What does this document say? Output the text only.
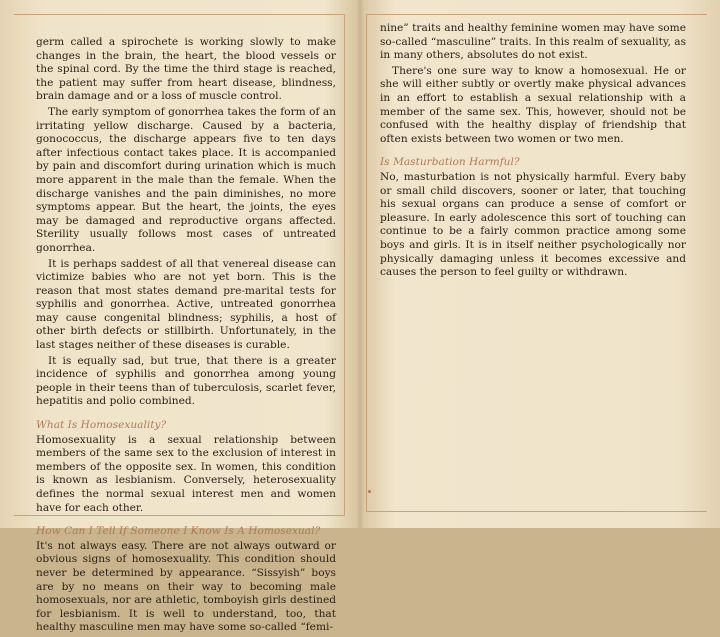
germ called a spirochete is working slowly to make changes in the brain, the heart, the blood vessels or the spinal cord. By the time the third stage is reached, the patient may suffer from heart disease, blindness, brain damage and or a loss of muscle control.

The early symptom of gonorrhea takes the form of an irritating yellow discharge. Caused by a bacteria, gonococcus, the discharge appears five to ten days after infectious contact takes place. It is accompanied by pain and discomfort during urination which is much more apparent in the male than the female. When the discharge vanishes and the pain diminishes, no more symptoms appear. But the heart, the joints, the eyes may be damaged and reproductive organs affected. Sterility usually follows most cases of untreated gonorrhea.

It is perhaps saddest of all that venereal disease can victimize babies who are not yet born. This is the reason that most states demand pre-marital tests for syphilis and gonorrhea. Active, untreated gonorrhea may cause congenital blindness; syphilis, a host of other birth defects or stillbirth. Unfortunately, in the last stages neither of these diseases is curable.

It is equally sad, but true, that there is a greater incidence of syphilis and gonorrhea among young people in their teens than of tuberculosis, scarlet fever, hepatitis and polio combined.

What Is Homosexuality?

Homosexuality is a sexual relationship between members of the same sex to the exclusion of interest in members of the opposite sex. In women, this condition is known as lesbianism. Conversely, heterosexuality defines the normal sexual interest men and women have for each other.

How Can I Tell If Someone I Know Is A Homosexual?

It's not always easy. There are not always outward or obvious signs of homosexuality. This condition should never be determined by appearance. “Sissyish” boys are by no means on their way to becoming male homosexuals, nor are athletic, tomboyish girls destined for lesbianism. It is well to understand, too, that healthy masculine men may have some so-called “femi-

nine” traits and healthy feminine women may have some so-called “masculine” traits. In this realm of sexuality, as in many others, absolutes do not exist.

There's one sure way to know a homosexual. He or she will either subtly or overtly make physical advances in an effort to establish a sexual relationship with a member of the same sex. This, however, should not be confused with the healthy display of friendship that often exists between two women or two men.

Is Masturbation Harmful?

No, masturbation is not physically harmful. Every baby or small child discovers, sooner or later, that touching his sexual organs can produce a sense of comfort or pleasure. In early adolescence this sort of touching can continue to be a fairly common practice among some boys and girls. It is in itself neither psychologically nor physically damaging unless it becomes excessive and causes the person to feel guilty or withdrawn.
